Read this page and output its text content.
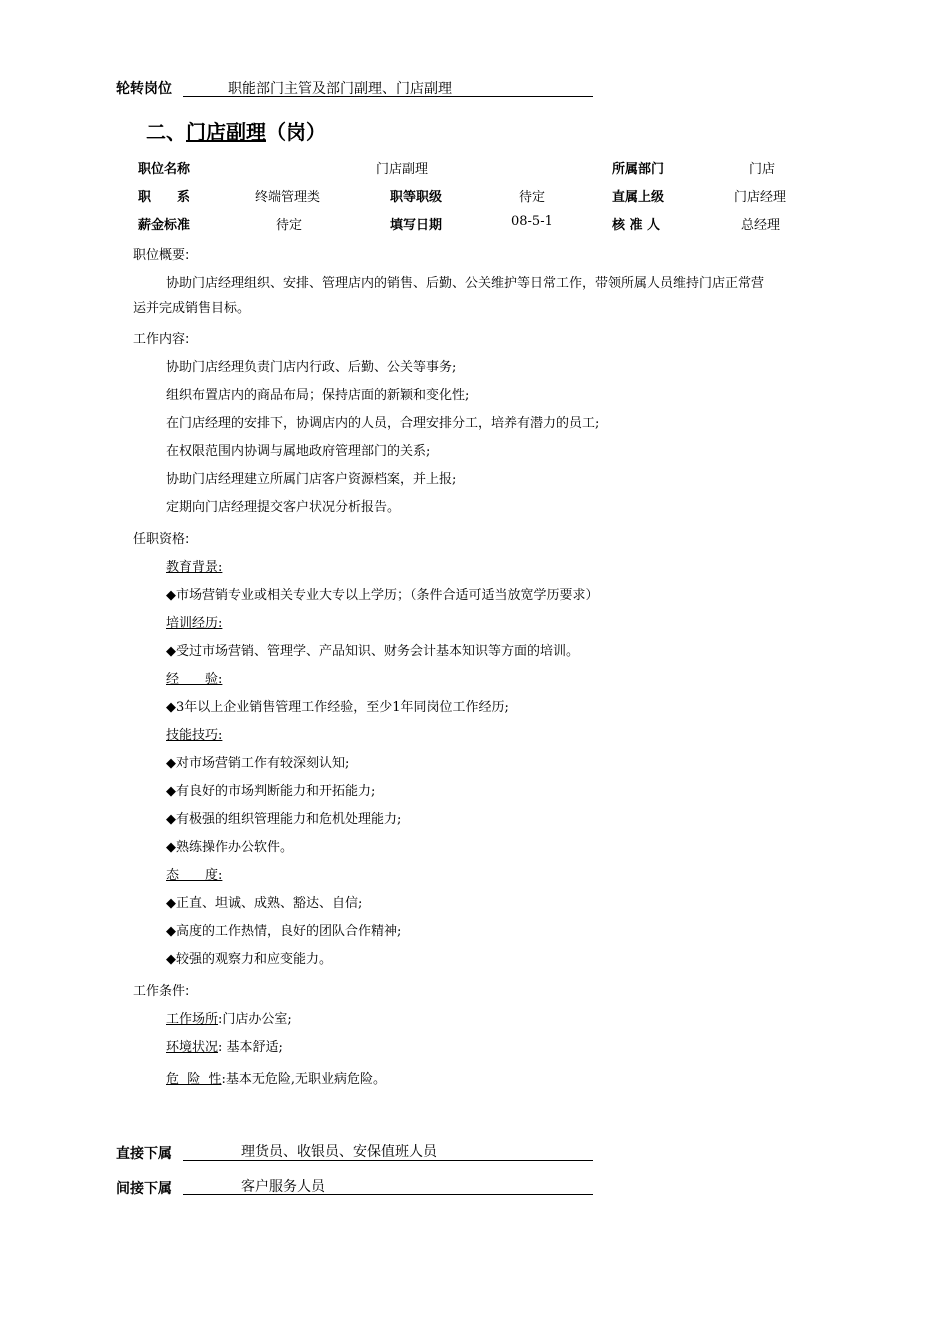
轮转岗位	职能部门主管及部门副理、门店副理
二、门店副理（岗）
职位名称	门店副理	所属部门	门店
职　　系	终端管理类	职等职级	待定	直属上级	门店经理
薪金标准	待定	填写日期	08-5-1	核 准 人	总经理
职位概要:
协助门店经理组织、安排、管理店内的销售、后勤、公关维护等日常工作，带领所属人员维持门店正常营
运并完成销售目标。
工作内容:
协助门店经理负责门店内行政、后勤、公关等事务;
组织布置店内的商品布局；保持店面的新颖和变化性;
在门店经理的安排下，协调店内的人员，合理安排分工，培养有潜力的员工;
在权限范围内协调与属地政府管理部门的关系;
协助门店经理建立所属门店客户资源档案，并上报;
定期向门店经理提交客户状况分析报告。
任职资格:
教育背景:
◆市场营销专业或相关专业大专以上学历；（条件合适可适当放宽学历要求）
培训经历:
◆受过市场营销、管理学、产品知识、财务会计基本知识等方面的培训。
经　　验:
◆3年以上企业销售管理工作经验，至少1年同岗位工作经历;
技能技巧:
◆对市场营销工作有较深刻认知;
◆有良好的市场判断能力和开拓能力;
◆有极强的组织管理能力和危机处理能力;
◆熟练操作办公软件。
态　　度:
◆正直、坦诚、成熟、豁达、自信;
◆高度的工作热情，良好的团队合作精神;
◆较强的观察力和应变能力。
工作条件:
工作场所:门店办公室;
环境状况: 基本舒适;
危  险  性:基本无危险,无职业病危险。
直接下属	理货员、收银员、安保值班人员
间接下属	客户服务人员
